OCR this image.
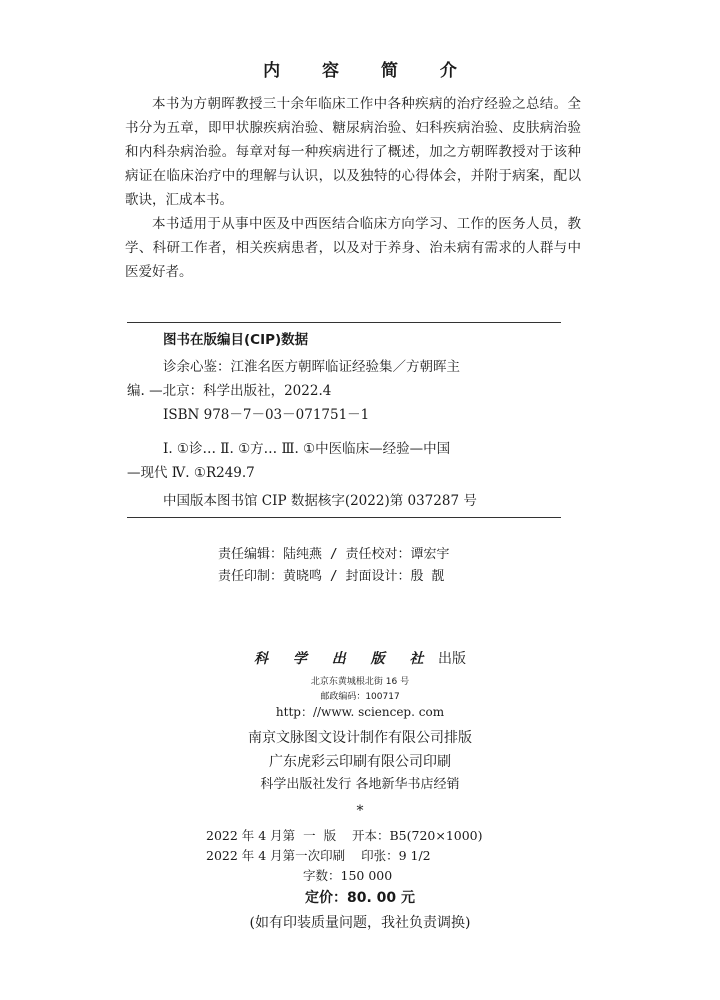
内 容 简 介

本书为方朝晖教授三十余年临床工作中各种疾病的治疗经验之总结。全书分为五章，即甲状腺疾病治验、糖尿病治验、妇科疾病治验、皮肤病治验和内科杂病治验。每章对每一种疾病进行了概述，加之方朝晖教授对于该种病证在临床治疗中的理解与认识，以及独特的心得体会，并附于病案，配以歌诀，汇成本书。

本书适用于从事中医及中西医结合临床方向学习、工作的医务人员，教学、科研工作者，相关疾病患者，以及对于养身、治未病有需求的人群与中医爱好者。

图书在版编目(CIP)数据
诊余心鉴：江淮名医方朝晖临证经验集／方朝晖主
编. —北京：科学出版社，2022.4
ISBN 978－7－03－071751－1
Ⅰ. ①诊… Ⅱ. ①方… Ⅲ. ①中医临床—经验—中国
—现代 Ⅳ. ①R249.7
中国版本图书馆 CIP 数据核字(2022)第 037287 号
责任编辑：陆纯燕 / 责任校对：谭宏宇
责任印制：黄晓鸣 / 封面设计：殷 靓
科 学 出 版 社 出版
北京东黄城根北街 16 号
邮政编码：100717
http：//www. sciencep. com
南京文脉图文设计制作有限公司排版
广东虎彩云印刷有限公司印刷
科学出版社发行 各地新华书店经销
*
2022 年 4 月第  一  版    开本：B5(720×1000)
2022 年 4 月第一次印刷    印张：9 1/2
字数：150 000
定价：80. 00 元
(如有印装质量问题，我社负责调换)
